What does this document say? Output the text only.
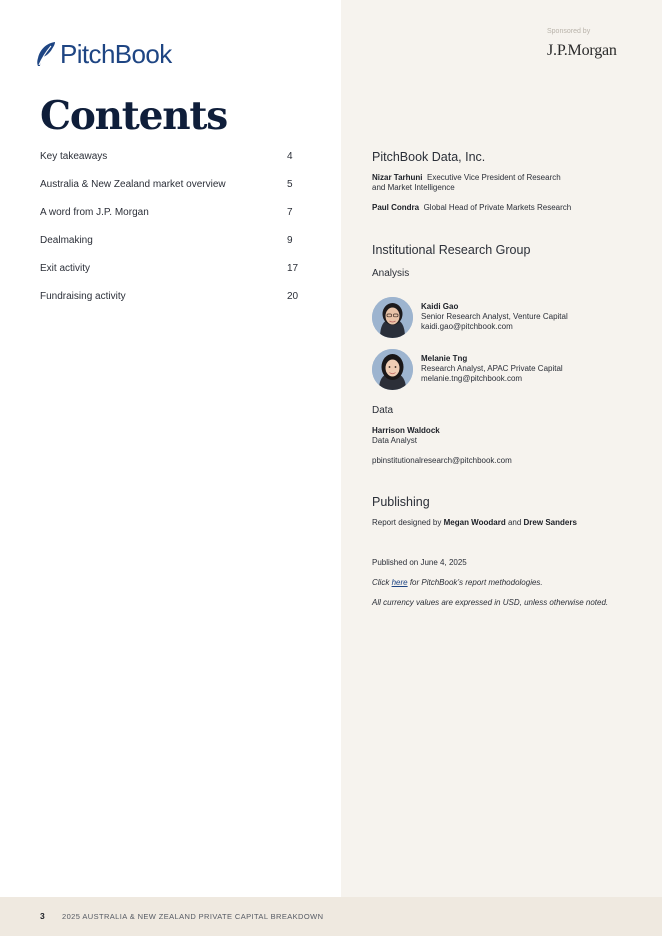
PitchBook
Sponsored by
J.P.Morgan
Contents
Key takeaways	4
Australia & New Zealand market overview	5
A word from J.P. Morgan	7
Dealmaking	9
Exit activity	17
Fundraising activity	20
PitchBook Data, Inc.
Nizar Tarhuni Executive Vice President of Research
and Market Intelligence
Paul Condra Global Head of Private Markets Research
Institutional Research Group
Analysis
Kaidi Gao
Senior Research Analyst, Venture Capital
kaidi.gao@pitchbook.com
Melanie Tng
Research Analyst, APAC Private Capital
melanie.tng@pitchbook.com
Data
Harrison Waldock
Data Analyst
pbinstitutionalresearch@pitchbook.com
Publishing
Report designed by Megan Woodard and Drew Sanders
Published on June 4, 2025
Click here for PitchBook’s report methodologies.
All currency values are expressed in USD, unless otherwise noted.
3 2025 AUSTRALIA & NEW ZEALAND PRIVATE CAPITAL BREAKDOWN
